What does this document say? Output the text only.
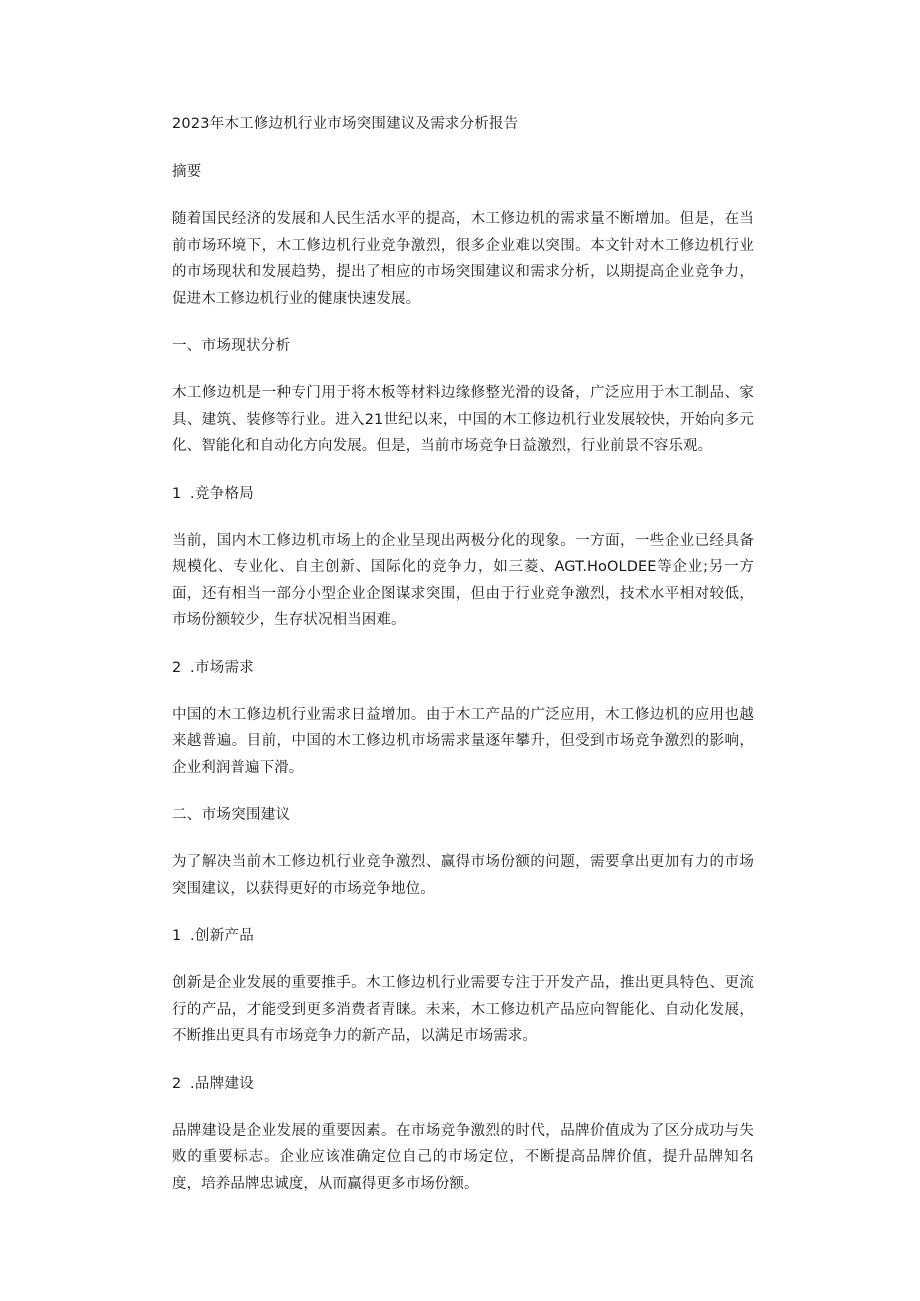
2023年木工修边机行业市场突围建议及需求分析报告
摘要
随着国民经济的发展和人民生活水平的提高，木工修边机的需求量不断增加。但是，在当前市场环境下，木工修边机行业竞争激烈，很多企业难以突围。本文针对木工修边机行业的市场现状和发展趋势，提出了相应的市场突围建议和需求分析，以期提高企业竞争力，促进木工修边机行业的健康快速发展。
一、市场现状分析
木工修边机是一种专门用于将木板等材料边缘修整光滑的设备，广泛应用于木工制品、家具、建筑、装修等行业。进入21世纪以来，中国的木工修边机行业发展较快，开始向多元化、智能化和自动化方向发展。但是，当前市场竞争日益激烈，行业前景不容乐观。
1 .竞争格局
当前，国内木工修边机市场上的企业呈现出两极分化的现象。一方面，一些企业已经具备规模化、专业化、自主创新、国际化的竞争力，如三菱、AGT.HoOLDEE等企业;另一方面，还有相当一部分小型企业企图谋求突围，但由于行业竞争激烈，技术水平相对较低，市场份额较少，生存状况相当困难。
2 .市场需求
中国的木工修边机行业需求日益增加。由于木工产品的广泛应用，木工修边机的应用也越来越普遍。目前，中国的木工修边机市场需求量逐年攀升，但受到市场竞争激烈的影响，企业利润普遍下滑。
二、市场突围建议
为了解决当前木工修边机行业竞争激烈、赢得市场份额的问题，需要拿出更加有力的市场突围建议，以获得更好的市场竞争地位。
1 .创新产品
创新是企业发展的重要推手。木工修边机行业需要专注于开发产品，推出更具特色、更流行的产品，才能受到更多消费者青睐。未来，木工修边机产品应向智能化、自动化发展，不断推出更具有市场竞争力的新产品，以满足市场需求。
2 .品牌建设
品牌建设是企业发展的重要因素。在市场竞争激烈的时代，品牌价值成为了区分成功与失败的重要标志。企业应该准确定位自己的市场定位，不断提高品牌价值，提升品牌知名度，培养品牌忠诚度，从而赢得更多市场份额。
